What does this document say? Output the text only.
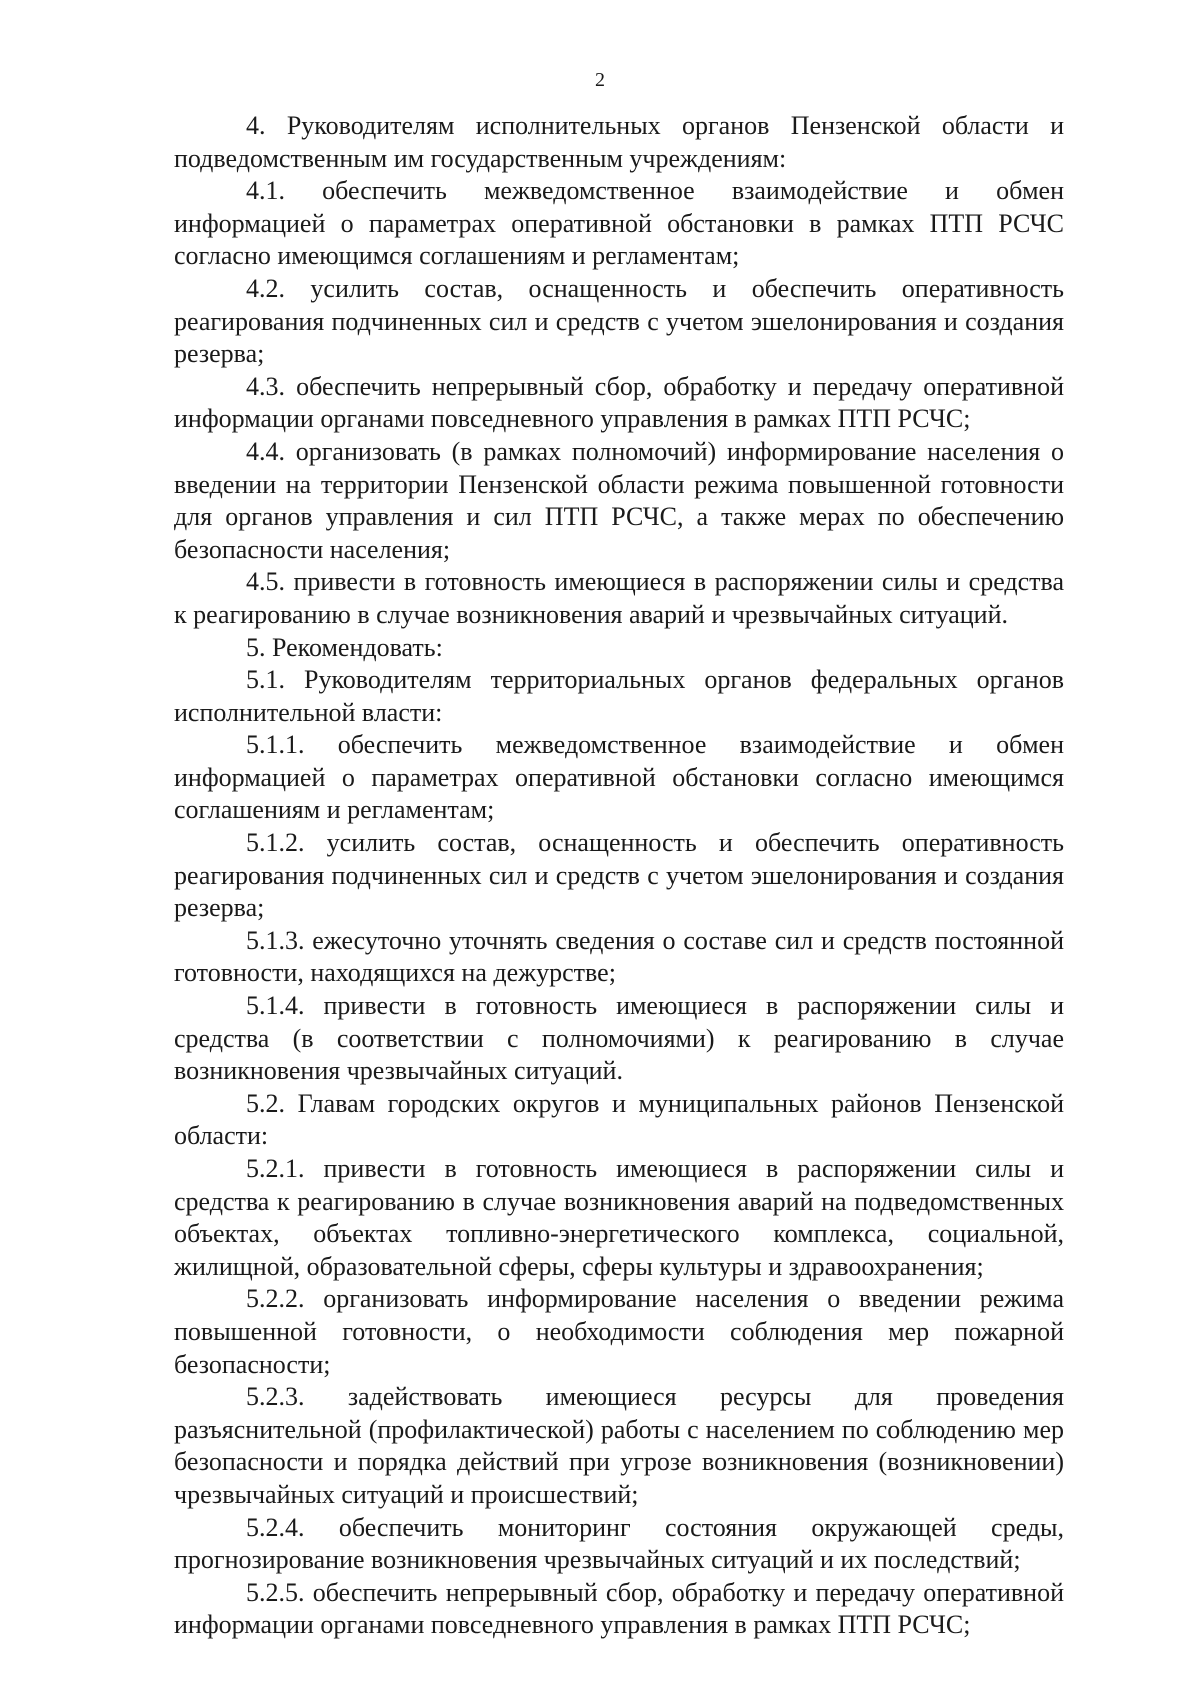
2

4. Руководителям исполнительных органов Пензенской области и подведомственным им государственным учреждениям:

4.1. обеспечить межведомственное взаимодействие и обмен информацией о параметрах оперативной обстановки в рамках ПТП РСЧС согласно имеющимся соглашениям и регламентам;

4.2. усилить состав, оснащенность и обеспечить оперативность реагирования подчиненных сил и средств с учетом эшелонирования и создания резерва;

4.3. обеспечить непрерывный сбор, обработку и передачу оперативной информации органами повседневного управления в рамках ПТП РСЧС;

4.4. организовать (в рамках полномочий) информирование населения о введении на территории Пензенской области режима повышенной готовности для органов управления и сил ПТП РСЧС, а также мерах по обеспечению безопасности населения;

4.5. привести в готовность имеющиеся в распоряжении силы и средства к реагированию в случае возникновения аварий и чрезвычайных ситуаций.

5. Рекомендовать:

5.1. Руководителям территориальных органов федеральных органов исполнительной власти:

5.1.1. обеспечить межведомственное взаимодействие и обмен информацией о параметрах оперативной обстановки согласно имеющимся соглашениям и регламентам;

5.1.2. усилить состав, оснащенность и обеспечить оперативность реагирования подчиненных сил и средств с учетом эшелонирования и создания резерва;

5.1.3. ежесуточно уточнять сведения о составе сил и средств постоянной готовности, находящихся на дежурстве;

5.1.4. привести в готовность имеющиеся в распоряжении силы и средства (в соответствии с полномочиями) к реагированию в случае возникновения чрезвычайных ситуаций.

5.2. Главам городских округов и муниципальных районов Пензенской области:

5.2.1. привести в готовность имеющиеся в распоряжении силы и средства к реагированию в случае возникновения аварий на подведомственных объектах, объектах топливно-энергетического комплекса, социальной, жилищной, образовательной сферы, сферы культуры и здравоохранения;

5.2.2. организовать информирование населения о введении режима повышенной готовности, о необходимости соблюдения мер пожарной безопасности;

5.2.3. задействовать имеющиеся ресурсы для проведения разъяснительной (профилактической) работы с населением по соблюдению мер безопасности и порядка действий при угрозе возникновения (возникновении) чрезвычайных ситуаций и происшествий;

5.2.4. обеспечить мониторинг состояния окружающей среды, прогнозирование возникновения чрезвычайных ситуаций и их последствий;

5.2.5. обеспечить непрерывный сбор, обработку и передачу оперативной информации органами повседневного управления в рамках ПТП РСЧС;
